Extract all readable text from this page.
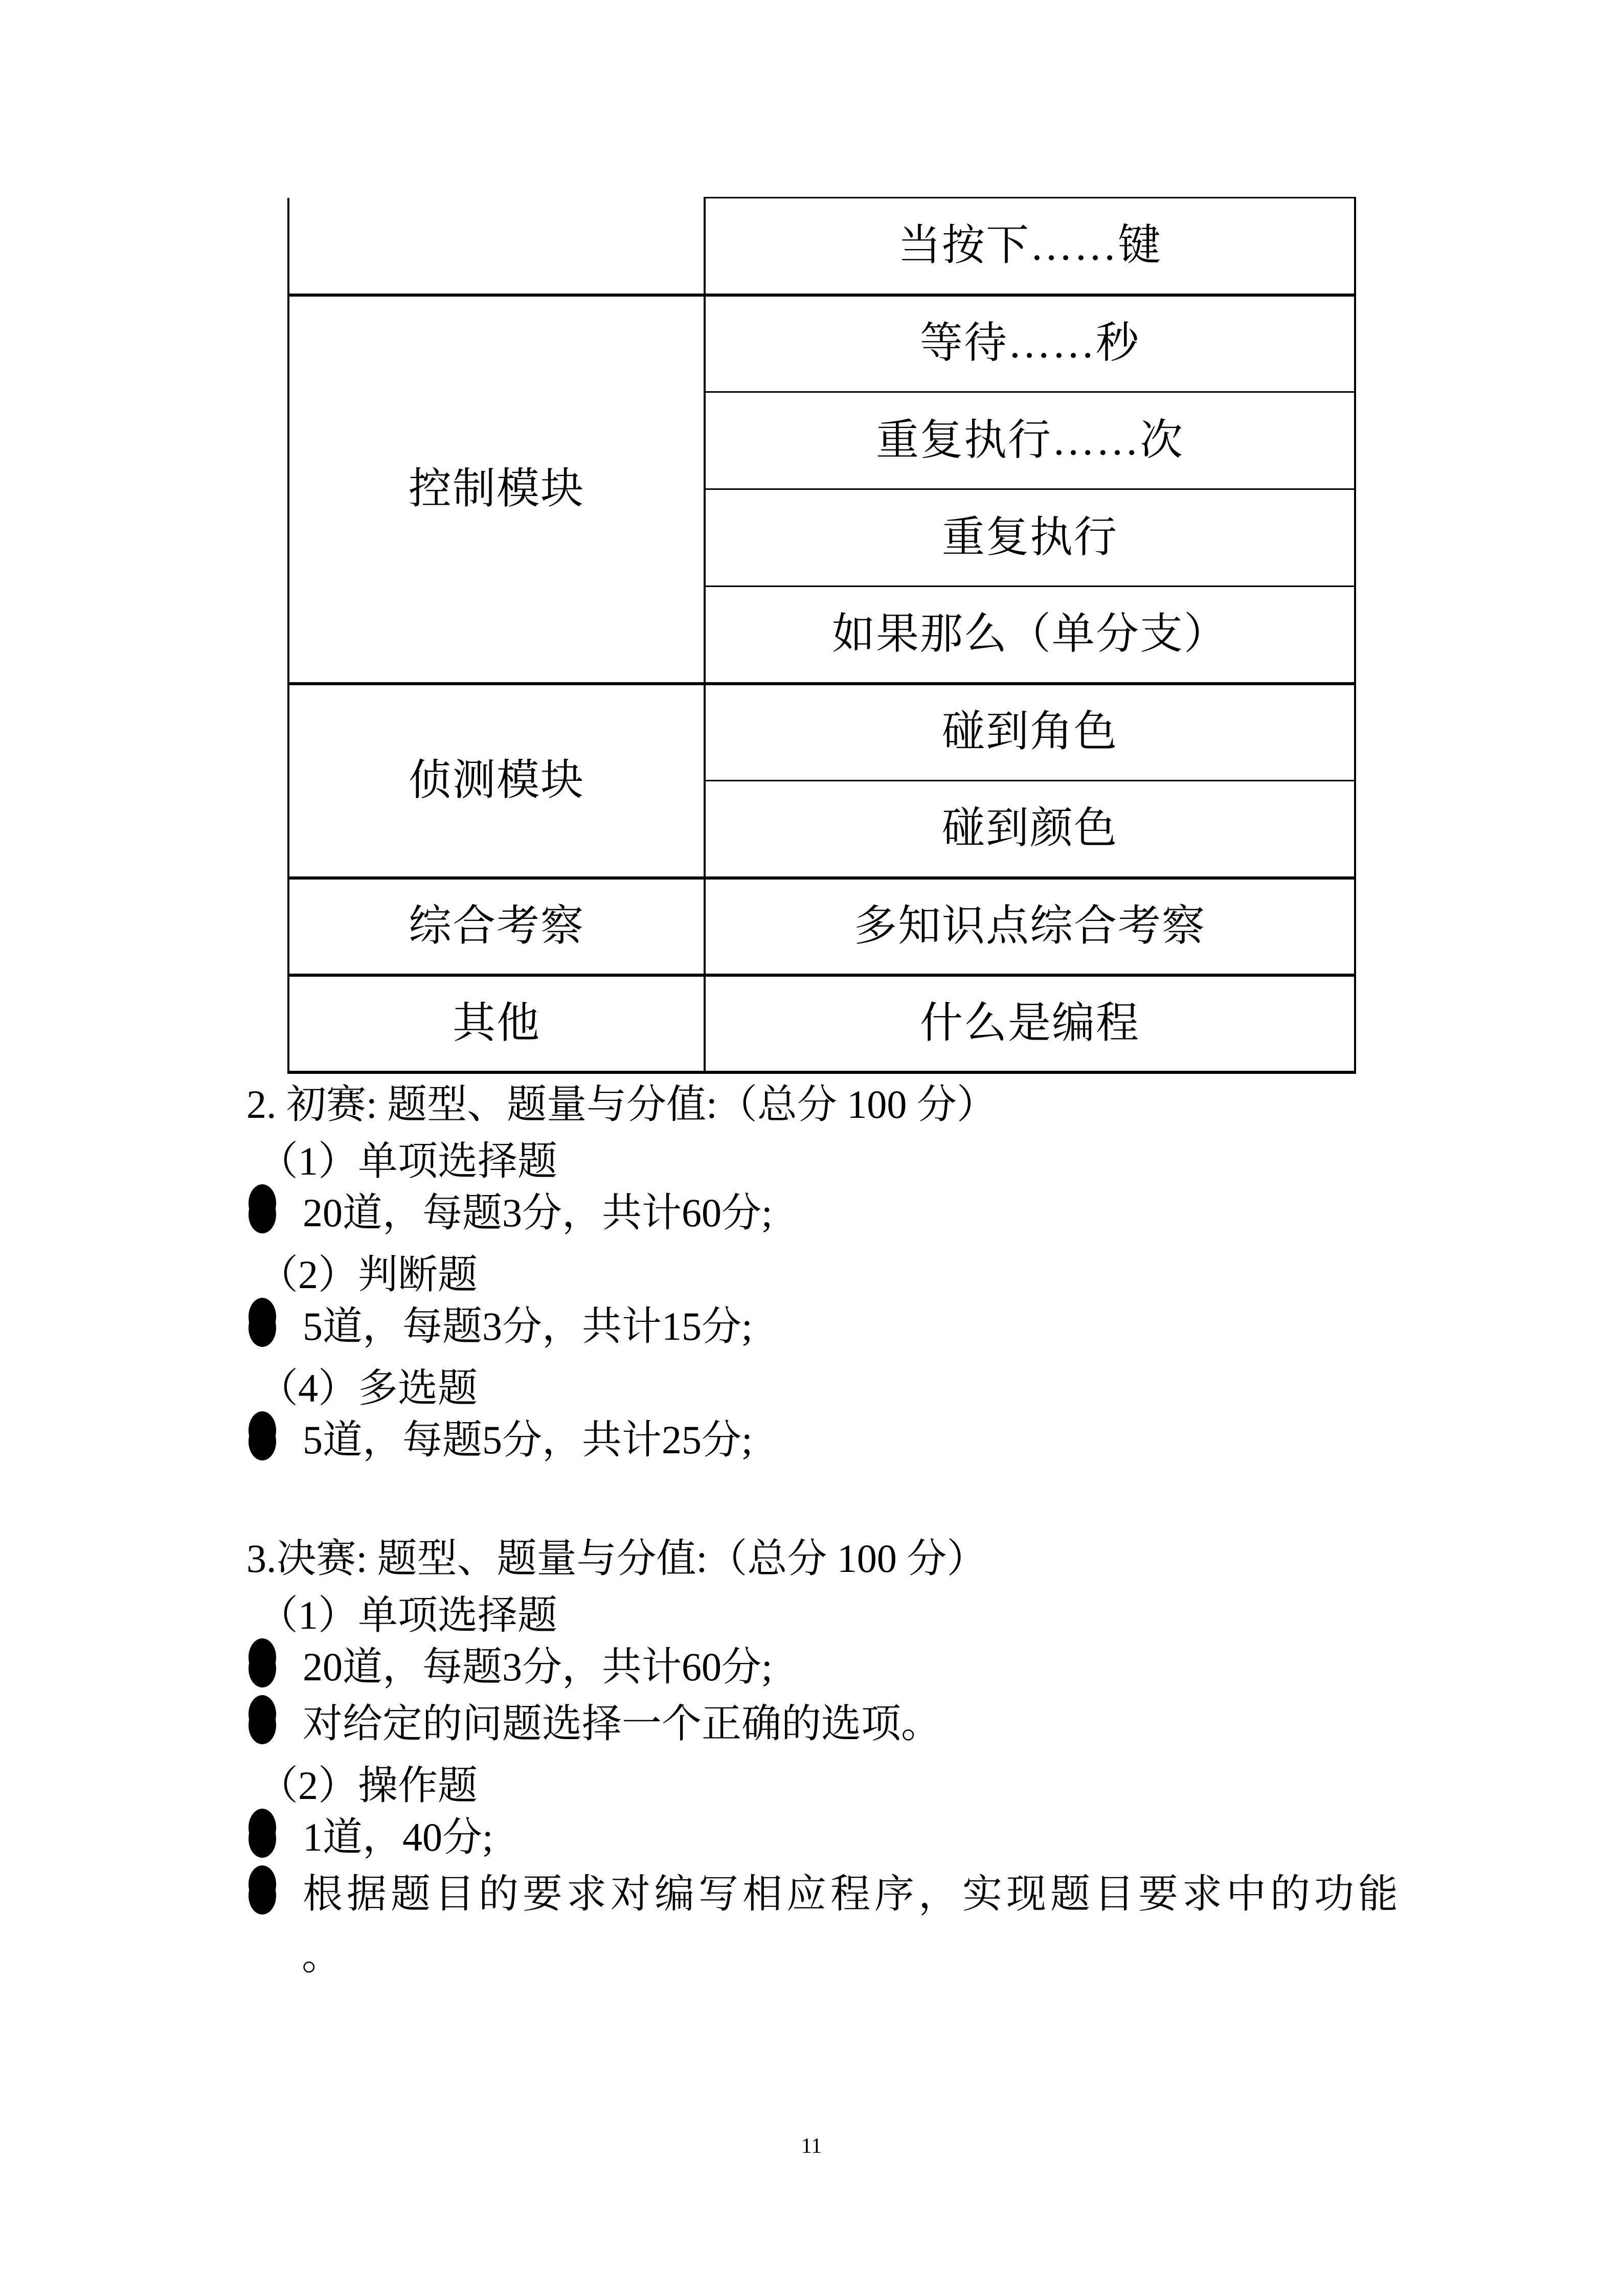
	当按下……键
控制模块	等待……秒
	重复执行……次
	重复执行
	如果那么（单分支）
侦测模块	碰到角色
	碰到颜色
综合考察	多知识点综合考察
其他	什么是编程
2. 初赛: 题型、题量与分值:（总分 100 分）
（1）单项选择题
20道，每题3分，共计60分;
（2）判断题
5道，每题3分，共计15分;
（4）多选题
5道，每题5分，共计25分;
3.决赛: 题型、题量与分值:（总分 100 分）
（1）单项选择题
20道，每题3分，共计60分;
对给定的问题选择一个正确的选项。
（2）操作题
1道，40分;
根据题目的要求对编写相应程序，实现题目要求中的功能
。
11
